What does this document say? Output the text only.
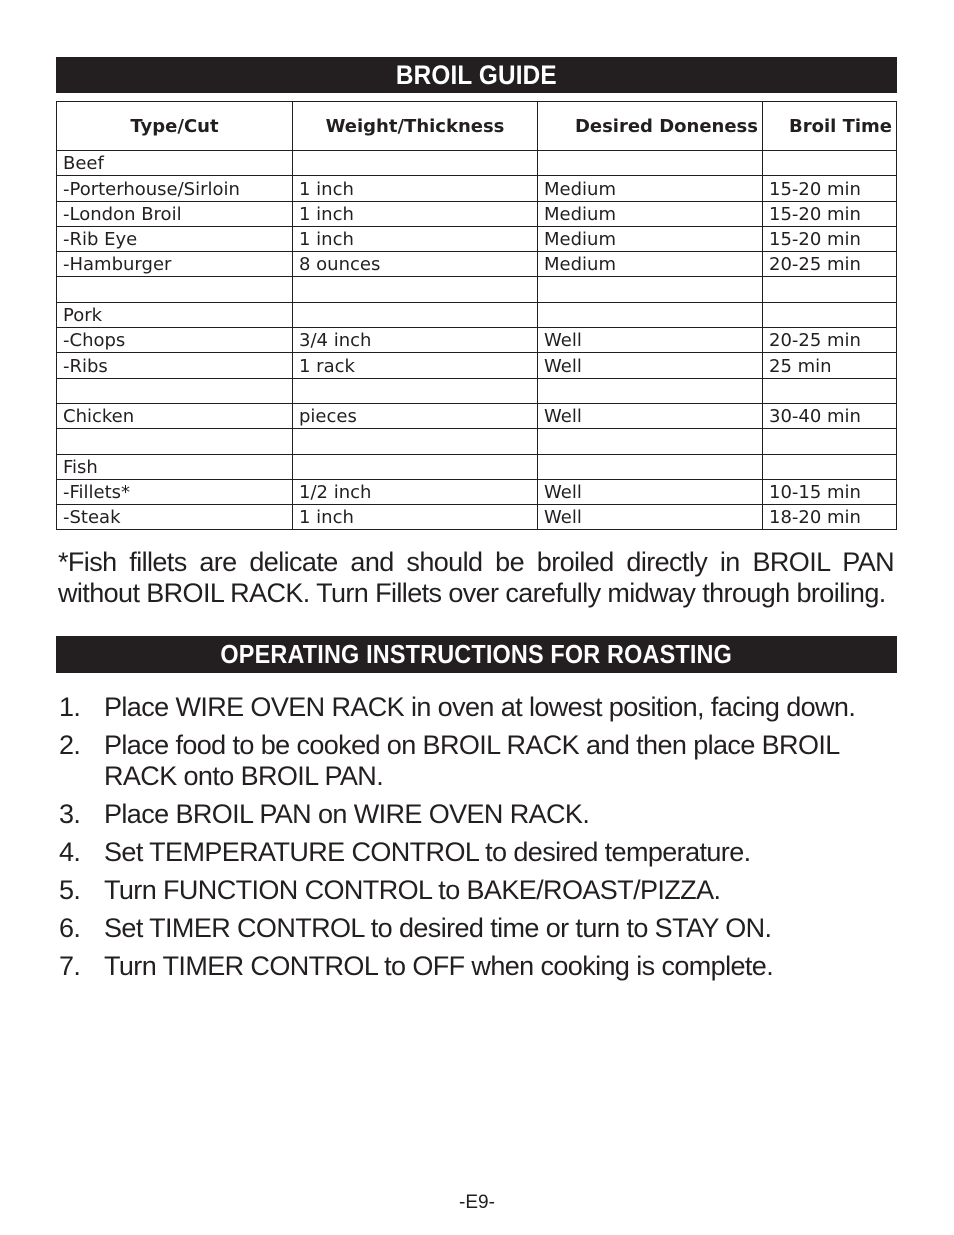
BROIL GUIDE
Type/Cut	Weight/Thickness	Desired Doneness	Broil Time
Beef			
-Porterhouse/Sirloin	1 inch	Medium	15-20 min
-London Broil	1 inch	Medium	15-20 min
-Rib Eye	1 inch	Medium	15-20 min
-Hamburger	8 ounces	Medium	20-25 min

Pork			
-Chops	3/4 inch	Well	20-25 min
-Ribs	1 rack	Well	25 min

Chicken	pieces	Well	30-40 min

Fish			
-Fillets*	1/2 inch	Well	10-15 min
-Steak	1 inch	Well	18-20 min

*Fish fillets are delicate and should be broiled directly in BROIL PAN without BROIL RACK. Turn Fillets over carefully midway through broiling.

OPERATING INSTRUCTIONS FOR ROASTING
1. Place WIRE OVEN RACK in oven at lowest position, facing down.
2. Place food to be cooked on BROIL RACK and then place BROIL RACK onto BROIL PAN.
3. Place BROIL PAN on WIRE OVEN RACK.
4. Set TEMPERATURE CONTROL to desired temperature.
5. Turn FUNCTION CONTROL to BAKE/ROAST/PIZZA.
6. Set TIMER CONTROL to desired time or turn to STAY ON.
7. Turn TIMER CONTROL to OFF when cooking is complete.
-E9-
